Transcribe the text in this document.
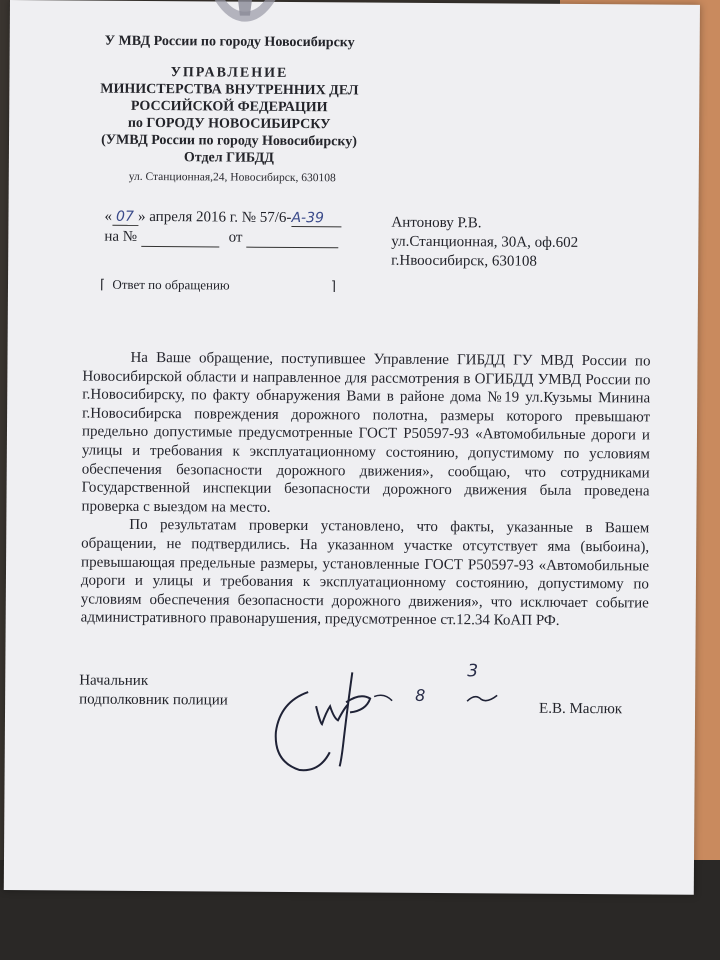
У МВД России по городу Новосибирску
УПРАВЛЕНИЕ
МИНИСТЕРСТВА ВНУТРЕННИХ ДЕЛ
РОССИЙСКОЙ ФЕДЕРАЦИИ
по ГОРОДУ НОВОСИБИРСКУ
(УМВД России по городу Новосибирску)
Отдел ГИБДД
ул. Станционная,24, Новосибирск, 630108
« 07 » апреля 2016 г. № 57/6-А-39
на №	от
Антонову Р.В.
ул.Станционная, 30А, оф.602
г.Нвоосибирск, 630108
⌈ Ответ по обращению	⌉

На Ваше обращение, поступившее Управление ГИБДД ГУ МВД России по Новосибирской области и направленное для рассмотрения в ОГИБДД УМВД России по г.Новосибирску, по факту обнаружения Вами в районе дома №19 ул.Кузьмы Минина г.Новосибирска повреждения дорожного полотна, размеры которого превышают предельно допустимые предусмотренные ГОСТ Р50597-93 «Автомобильные дороги и улицы и требования к эксплуатационному состоянию, допустимому по условиям обеспечения безопасности дорожного движения», сообщаю, что сотрудниками Государственной инспекции безопасности дорожного движения была проведена проверка с выездом на место.

По результатам проверки установлено, что факты, указанные в Вашем обращении, не подтвердились. На указанном участке отсутствует яма (выбоина), превышающая предельные размеры, установленные ГОСТ Р50597-93 «Автомобильные дороги и улицы и требования к эксплуатационному состоянию, допустимому по условиям обеспечения безопасности дорожного движения», что исключает событие административного правонарушения, предусмотренное ст.12.34 КоАП РФ.

Начальник
подполковник полиции
Е.В. Маслюк
8
3
